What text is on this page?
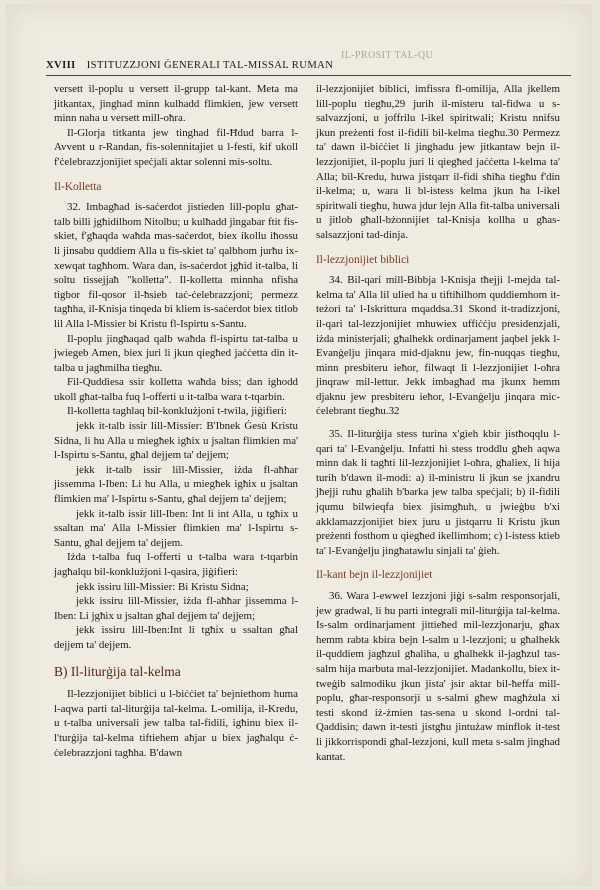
IL-PROSIT TAL-QU
XVIII ISTITUZZJONI ĠENERALI TAL-MISSAL RUMAN

versett il-poplu u versett il-grupp tal-kant. Meta ma jitkantax, jinghad minn kulhadd flimkien, jew versett minn naha u versett mill-oħra.

Il-Glorja titkanta jew tinghad fil-Ħdud barra l-Avvent u r-Randan, fis-solennitajiet u l-festi, kif ukoll f'ċelebrazzjonijiet speċjali aktar solenni mis-soltu.

Il-Kolletta

32. Imbagħad is-saċerdot jistieden lill-poplu għat-talb billi jgħidilhom Nitolbu; u kulħadd jingabar ftit fis-skiet, f'għaqda waħda mas-saċerdot, biex ikollu iħossu li jinsabu quddiem Alla u fis-skiet ta' qalbhom jurħu ix-xewqat tagħhom. Wara dan, is-saċerdot jgħid it-talba, li soltu tissejjaħ "kolletta". Il-kolletta minnha nfisha tigbor fil-qosor il-ħsieb taċ-ċelebrazzjoni; permezz tagħha, il-Knisja tinqeda bi kliem is-saċerdot biex titlob lil Alla l-Missier bi Kristu fl-Ispirtu s-Santu.

Il-poplu jingħaqad qalb waħda fl-ispirtu tat-talba u jwiegeb Amen, biex juri li jkun qiegħed jaċċetta din it-talba u jagħmilha tiegħu.

Fil-Quddiesa ssir kolletta waħda biss; dan ighodd ukoll għat-talba fuq l-offerti u it-talba wara t-tqarbin.

Il-kolletta taghlaq bil-konklużjoni t-twila, jiġifieri:

jekk it-talb issir lill-Missier: B'Ibnek Ġesù Kristu Sidna, li hu Alla u miegħek igħix u jsaltan flimkien ma' l-Ispirtu s-Santu, għal dejjem ta' dejjem;

jekk it-talb issir lill-Missier, iżda fl-aħħar jissemma l-Iben: Li hu Alla, u miegħek igħix u jsaltan flimkien ma' l-Ispirtu s-Santu, għal dejjem ta' dejjem;

jekk it-talb issir lill-Iben: Int li int Alla, u tgħix u ssaltan ma' Alla l-Missier flimkien ma' l-Ispirtu s-Santu, għal dejjem ta' dejjem.

Iżda t-talba fuq l-offerti u t-talba wara t-tqarbin jagħalqu bil-konklużjoni l-qasira, jiġifieri:

jekk issiru lill-Missier: Bi Kristu Sidna;

jekk issiru lill-Missier, iżda fl-aħħar jissemma l-Iben: Li jgħix u jsaltan għal dejjem ta' dejjem;

jekk issiru lill-Iben:Int li tgħix u ssaltan għal dejjem ta' dejjem.

B) Il-liturġija tal-kelma

Il-lezzjonijiet biblici u l-biċċiet ta' bejniethom huma l-aqwa parti tal-liturġija tal-kelma. L-omilija, il-Kredu, u t-talba universali jew talba tal-fidili, igħinu biex il-l'turġija tal-kelma tiftiehem aħjar u biex jagħalqu ċ-ċelebrazzjoni tagħha. B'dawn

il-lezzjonijiet biblici, imfissra fl-omilija, Alla jkellem lill-poplu tiegħu,29 jurih il-misteru tal-fidwa u s-salvazzjoni, u joffrilu l-ikel spiritwali; Kristu nnifsu jkun preżenti fost il-fidili bil-kelma tiegħu.30 Permezz ta' dawn il-biċċiet li jinghadu jew jitkantaw bejn il-lezzjonijiet, il-poplu juri li qiegħed jaċċetta l-kelma ta' Alla; bil-Kredu, huwa jistqarr il-fidi sħiħa tiegħu f'din il-kelma; u, wara li bl-istess kelma jkun ħa l-ikel spiritwali tiegħu, huwa jdur lejn Alla fit-talba universali u jitlob għall-bżonnijiet tal-Knisja kollha u għas-salsazzjoni tad-dinja.

Il-lezzjonijiet biblici

34. Bil-qari mill-Bibbja l-Knisja tħejji l-mejda tal-kelma ta' Alla lil ulied ha u tiftiħilhom quddiemhom it-teżori ta' l-Iskrittura mqaddsa.31 Skond it-tradizzjoni, il-qari tal-lezzjonijiet mhuwiex uffiċċju presidenzjali, iżda ministerjali; għalhekk ordinarjament jaqbel jekk l-Evanġelju jinqara mid-djaknu jew, fin-nuqqas tiegħu, minn presbiteru ieħor, filwaqt li l-lezzjonijiet l-oħra jinqraw mil-lettur. Jekk imbagħad ma jkunx hemm djaknu jew presbiteru ieħor, l-Evanġelju jinqara mic-ċelebrant tiegħu.32

35. Il-liturġija stess turina x'gieh kbir jistħoqqlu l-qari ta' l-Evanġelju. Infatti hi stess troddlu għeh aqwa minn dak li tagħti lil-lezzjonijiet l-oħra, għaliex, li hija turih b'dawn il-modi: a) il-ministru li jkun se jxandru jħejji ruħu għalih b'barka jew talba speċjali; b) il-fidili jqumu bilwieqfa biex jisimgħuh, u jwieġbu b'xi akklamazzjonijiet biex juru u jistqarru li Kristu jkun preżenti fosthom u qiegħed ikellimhom; c) l-istess ktieb ta' l-Evanġelju jingħatawlu sinjali ta' ġieh.

Il-kant bejn il-lezzjonijiet

36. Wara l-ewwel lezzjoni jiġi s-salm responsorjali, jew gradwal, li hu parti integrali mil-liturġija tal-kelma. Is-salm ordinarjament jittieħed mil-lezzjonarju, għax hemm rabta kbira bejn l-salm u l-lezzjoni; u għalhekk il-quddiem jagħzul għaliha, u għalhekk il-jagħzul tas-salm hija marbuta mal-lezzjonijiet. Madankollu, biex it-tweġib salmodiku jkun jista' jsir aktar bil-ħeffa mill-poplu, għar-responsorji u s-salmi għew magħżula xi testi skond iż-żmien tas-sena u skond l-ordni tal-Qaddisin; dawn it-testi jistgħu jintużaw minflok it-test li jikkorrispondi għal-lezzjoni, kull meta s-salm jinghad kantat.
